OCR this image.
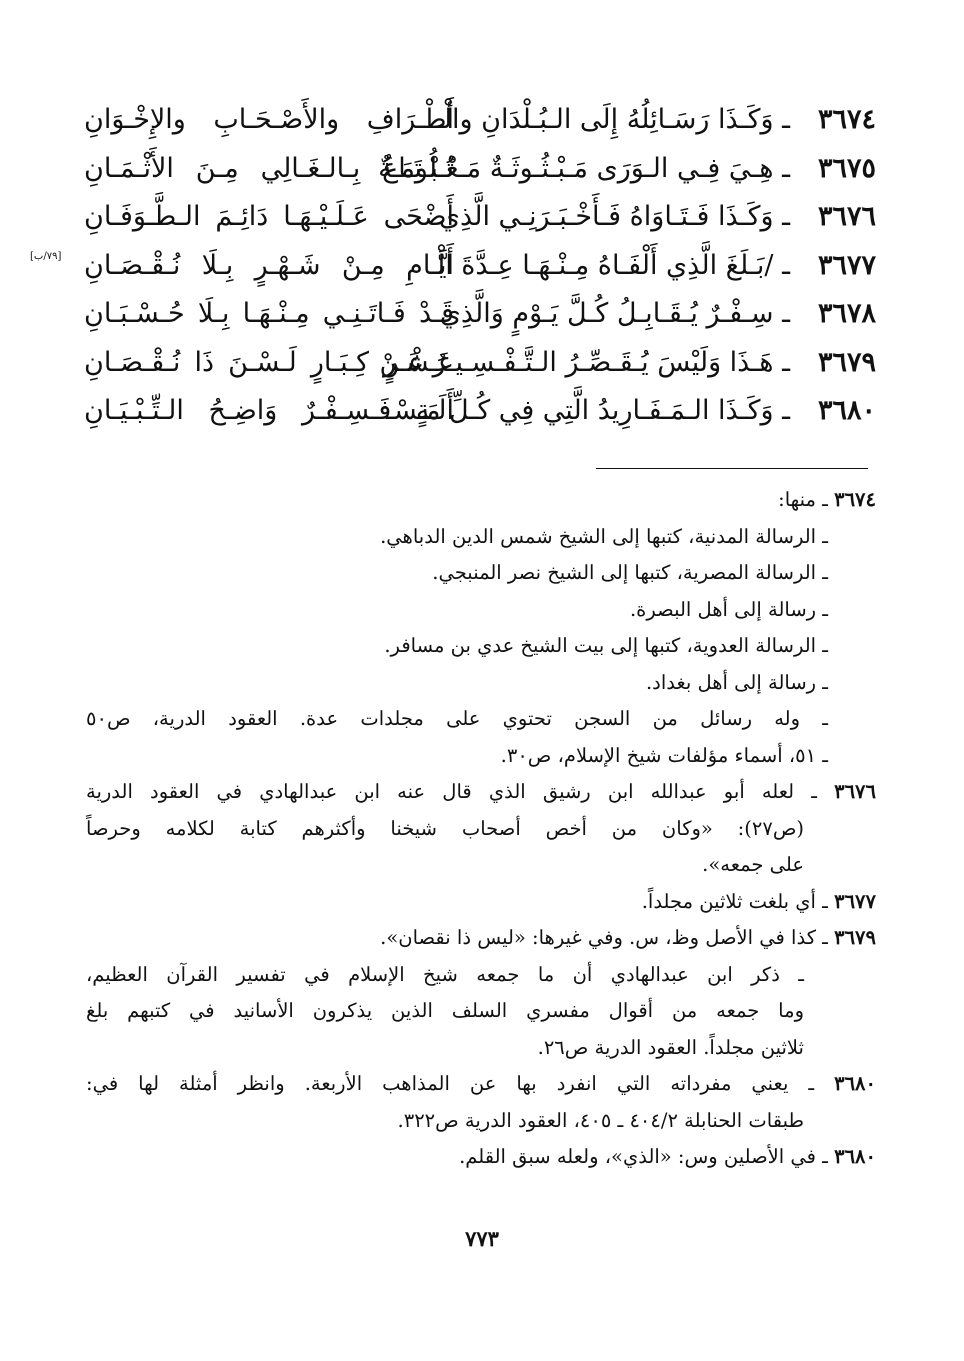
٣٦٧٤
ـ وَكَـذَا رَسَـائِلُهُ إِلَى الـبُـلْدَانِ والْـ
أَطْـرَافِ والأَصْـحَـابِ والإِخْـوَانِ
٣٦٧٥
ـ هِـيَ فِـي الـوَرَى مَـبْـثُـوثَـةٌ مَـعْـلُومَـةٌ
تُـبْـتَـاعُ بِـالـغَـالِي مِـنَ الأَثْـمَـانِ
٣٦٧٦
ـ وَكَـذَا فَـتَـاوَاهُ فَـأَخْـبَـرَنِـي الَّذِي
أَضْحَى عَـلَـيْـهَـا دَائِـمَ الـطَّـوَفَـانِ
٣٦٧٧
ـ /بَـلَغَ الَّذِي أَلْفَـاهُ مِـنْـهَـا عِـدَّةَ الْـ
أَيَّـامِ مِـنْ شَـهْـرٍ بِـلَا نُـقْـصَـانِ
[٧٩/ب]
٣٦٧٨
ـ سِـفْـرٌ يُـقَـابِـلُ كُـلَّ يَـوْمٍ وَالَّذِي
قَـدْ فَـاتَـنِـي مِـنْـهَـا بِـلَا حُـسْـبَـانِ
٣٦٧٩
ـ هَـذَا وَلَيْسَ يُـقَـصِّـرُ الـتَّـفْـسِـيـرُ عَـنْ
عَـشْـرٍ كِـبَـارٍ لَـسْـنَ ذَا نُـقْـصَـانِ
٣٦٨٠
ـ وَكَـذَا الـمَـفَـارِيدُ الَّتِي فِي كُـلِّ مَـسْـ
أَلَـةٍ فَـسِـفْـرٌ وَاضِـحُ الـتِّـبْـيَـانِ
٣٦٧٤ ـ منها:
ـ الرسالة المدنية، كتبها إلى الشيخ شمس الدين الدباهي.
ـ الرسالة المصرية، كتبها إلى الشيخ نصر المنبجي.
ـ رسالة إلى أهل البصرة.
ـ الرسالة العدوية، كتبها إلى بيت الشيخ عدي بن مسافر.
ـ رسالة إلى أهل بغداد.
ـ وله رسائل من السجن تحتوي على مجلدات عدة. العقود الدرية، ص٥٠
ـ ٥١، أسماء مؤلفات شيخ الإسلام، ص٣٠.
٣٦٧٦ ـ لعله أبو عبدالله ابن رشيق الذي قال عنه ابن عبدالهادي في العقود الدرية
(ص٢٧): «وكان من أخص أصحاب شيخنا وأكثرهم كتابة لكلامه وحرصاً
على جمعه».
٣٦٧٧ ـ أي بلغت ثلاثين مجلداً.
٣٦٧٩ ـ كذا في الأصل وظ، س. وفي غيرها: «ليس ذا نقصان».
ـ ذكر ابن عبدالهادي أن ما جمعه شيخ الإسلام في تفسير القرآن العظيم،
وما جمعه من أقوال مفسري السلف الذين يذكرون الأسانيد في كتبهم بلغ
ثلاثين مجلداً. العقود الدرية ص٢٦.
٣٦٨٠ ـ يعني مفرداته التي انفرد بها عن المذاهب الأربعة. وانظر أمثلة لها في:
طبقات الحنابلة ٤٠٤/٢ ـ ٤٠٥، العقود الدرية ص٣٢٢.
٣٦٨٠ ـ في الأصلين وس: «الذي»، ولعله سبق القلم.
٧٧٣
